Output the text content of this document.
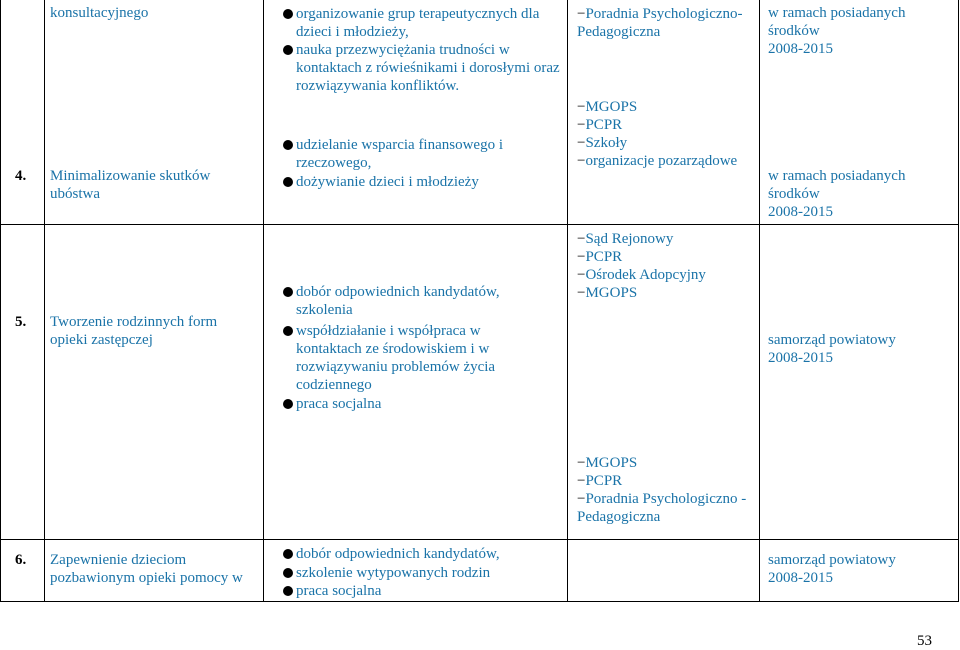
konsultacyjnego	organizowanie grup terapeutycznych dla dzieci i młodzieży,
nauka przezwyciężania trudności w kontaktach z rówieśnikami i dorosłymi oraz rozwiązywania konfliktów.
−Poradnia Psychologiczno-Pedagogiczna
w ramach posiadanych
środków
2008-2015
4. Minimalizowanie skutków ubóstwa
udzielanie wsparcia finansowego i rzeczowego,
dożywianie dzieci i młodzieży
−MGOPS
−PCPR
−Szkoły
−organizacje pozarządowe
w ramach posiadanych
środków
2008-2015
5. Tworzenie rodzinnych form opieki zastępczej
dobór odpowiednich kandydatów, szkolenia
współdziałanie i współpraca w kontaktach ze środowiskiem i w rozwiązywaniu problemów życia codziennego
praca socjalna
−Sąd Rejonowy
−PCPR
−Ośrodek Adopcyjny
−MGOPS
−MGOPS
−PCPR
−Poradnia Psychologiczno - Pedagogiczna
samorząd powiatowy
2008-2015
6. Zapewnienie dzieciom pozbawionym opieki pomocy w
dobór odpowiednich kandydatów,
szkolenie wytypowanych rodzin
praca socjalna
samorząd powiatowy
2008-2015
53
